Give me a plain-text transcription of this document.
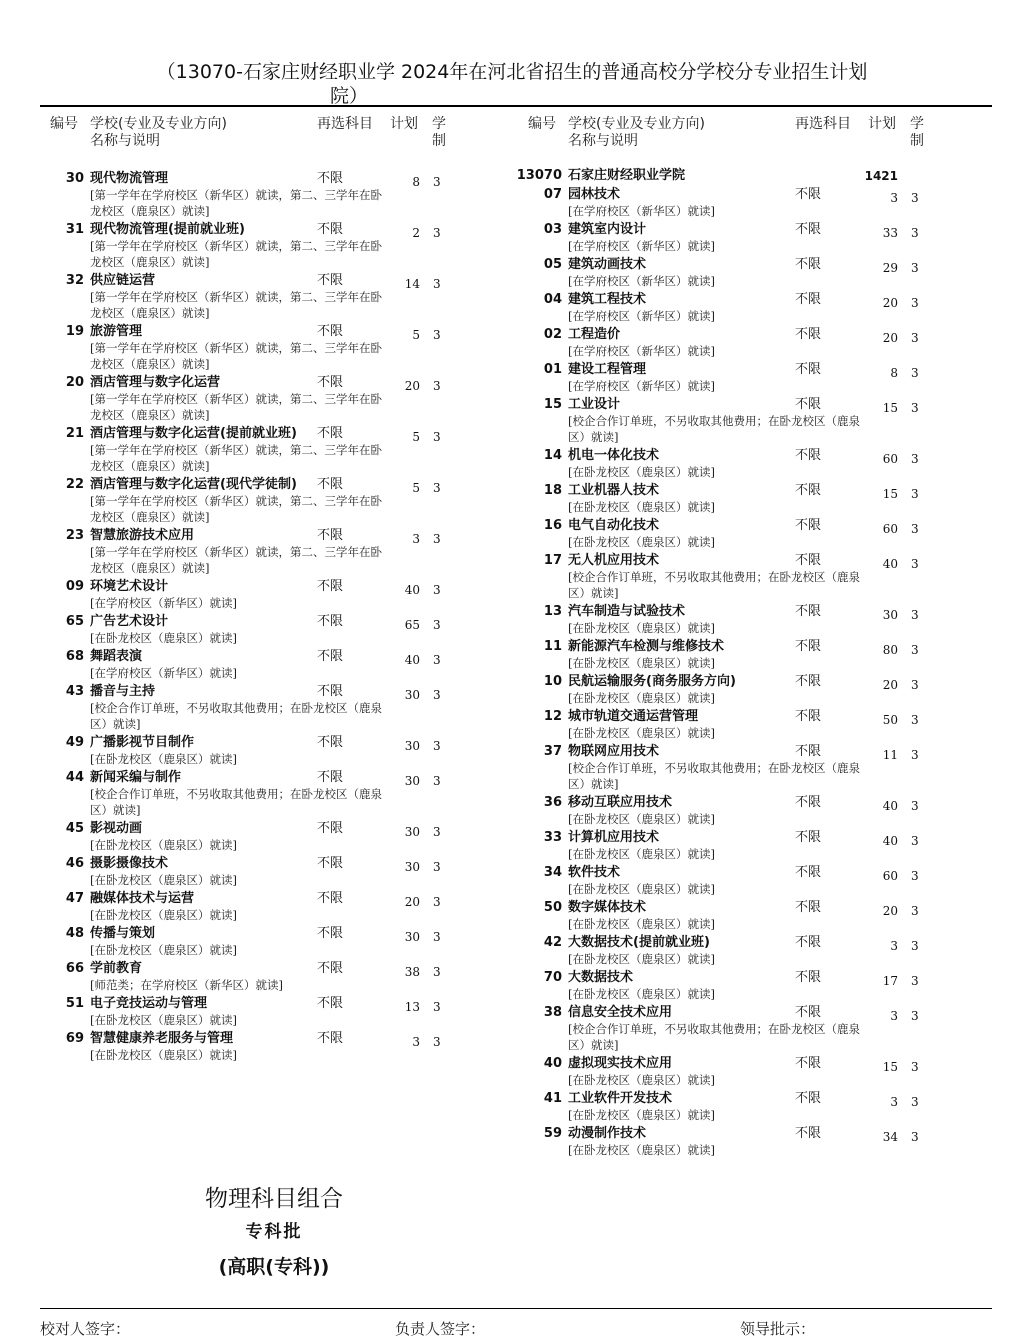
（13070-石家庄财经职业学 2024年在河北省招生的普通高校分学校分专业招生计划
院）
编号 学校(专业及专业方向)
名称与说明
再选科目 计划 学
制
30 现代物流管理	不限	8 3
[第一学年在学府校区（新华区）就读，第二、三学年在卧龙校区（鹿泉区）就读]
31 现代物流管理(提前就业班)	不限	2 3
[第一学年在学府校区（新华区）就读，第二、三学年在卧龙校区（鹿泉区）就读]
32 供应链运营	不限	14 3
[第一学年在学府校区（新华区）就读，第二、三学年在卧龙校区（鹿泉区）就读]
19 旅游管理	不限	5 3
[第一学年在学府校区（新华区）就读，第二、三学年在卧龙校区（鹿泉区）就读]
20 酒店管理与数字化运营	不限	20 3
[第一学年在学府校区（新华区）就读，第二、三学年在卧龙校区（鹿泉区）就读]
21 酒店管理与数字化运营(提前就业班)	不限	5 3
[第一学年在学府校区（新华区）就读，第二、三学年在卧龙校区（鹿泉区）就读]
22 酒店管理与数字化运营(现代学徒制)	不限	5 3
[第一学年在学府校区（新华区）就读，第二、三学年在卧龙校区（鹿泉区）就读]
23 智慧旅游技术应用	不限	3 3
[第一学年在学府校区（新华区）就读，第二、三学年在卧龙校区（鹿泉区）就读]
09 环境艺术设计	不限	40 3
[在学府校区（新华区）就读]
65 广告艺术设计	不限	65 3
[在卧龙校区（鹿泉区）就读]
68 舞蹈表演	不限	40 3
[在学府校区（新华区）就读]
43 播音与主持	不限	30 3
[校企合作订单班，不另收取其他费用；在卧龙校区（鹿泉区）就读]
49 广播影视节目制作	不限	30 3
[在卧龙校区（鹿泉区）就读]
44 新闻采编与制作	不限	30 3
[校企合作订单班，不另收取其他费用；在卧龙校区（鹿泉区）就读]
45 影视动画	不限	30 3
[在卧龙校区（鹿泉区）就读]
46 摄影摄像技术	不限	30 3
[在卧龙校区（鹿泉区）就读]
47 融媒体技术与运营	不限	20 3
[在卧龙校区（鹿泉区）就读]
48 传播与策划	不限	30 3
[在卧龙校区（鹿泉区）就读]
66 学前教育	不限	38 3
[师范类；在学府校区（新华区）就读]
51 电子竞技运动与管理	不限	13 3
[在卧龙校区（鹿泉区）就读]
69 智慧健康养老服务与管理	不限	3 3
[在卧龙校区（鹿泉区）就读]
物理科目组合
专科批
(高职(专科))
编号 学校(专业及专业方向)
名称与说明
再选科目 计划 学
制
13070 石家庄财经职业学院	1421
07 园林技术	不限	3 3
[在学府校区（新华区）就读]
03 建筑室内设计	不限	33 3
[在学府校区（新华区）就读]
05 建筑动画技术	不限	29 3
[在学府校区（新华区）就读]
04 建筑工程技术	不限	20 3
[在学府校区（新华区）就读]
02 工程造价	不限	20 3
[在学府校区（新华区）就读]
01 建设工程管理	不限	8 3
[在学府校区（新华区）就读]
15 工业设计	不限	15 3
[校企合作订单班，不另收取其他费用；在卧龙校区（鹿泉区）就读]
14 机电一体化技术	不限	60 3
[在卧龙校区（鹿泉区）就读]
18 工业机器人技术	不限	15 3
[在卧龙校区（鹿泉区）就读]
16 电气自动化技术	不限	60 3
[在卧龙校区（鹿泉区）就读]
17 无人机应用技术	不限	40 3
[校企合作订单班，不另收取其他费用；在卧龙校区（鹿泉区）就读]
13 汽车制造与试验技术	不限	30 3
[在卧龙校区（鹿泉区）就读]
11 新能源汽车检测与维修技术	不限	80 3
[在卧龙校区（鹿泉区）就读]
10 民航运输服务(商务服务方向)	不限	20 3
[在卧龙校区（鹿泉区）就读]
12 城市轨道交通运营管理	不限	50 3
[在卧龙校区（鹿泉区）就读]
37 物联网应用技术	不限	11 3
[校企合作订单班，不另收取其他费用；在卧龙校区（鹿泉区）就读]
36 移动互联应用技术	不限	40 3
[在卧龙校区（鹿泉区）就读]
33 计算机应用技术	不限	40 3
[在卧龙校区（鹿泉区）就读]
34 软件技术	不限	60 3
[在卧龙校区（鹿泉区）就读]
50 数字媒体技术	不限	20 3
[在卧龙校区（鹿泉区）就读]
42 大数据技术(提前就业班)	不限	3 3
[在卧龙校区（鹿泉区）就读]
70 大数据技术	不限	17 3
[在卧龙校区（鹿泉区）就读]
38 信息安全技术应用	不限	3 3
[校企合作订单班，不另收取其他费用；在卧龙校区（鹿泉区）就读]
40 虚拟现实技术应用	不限	15 3
[在卧龙校区（鹿泉区）就读]
41 工业软件开发技术	不限	3 3
[在卧龙校区（鹿泉区）就读]
59 动漫制作技术	不限	34 3
[在卧龙校区（鹿泉区）就读]
校对人签字：	负责人签字：	领导批示：
